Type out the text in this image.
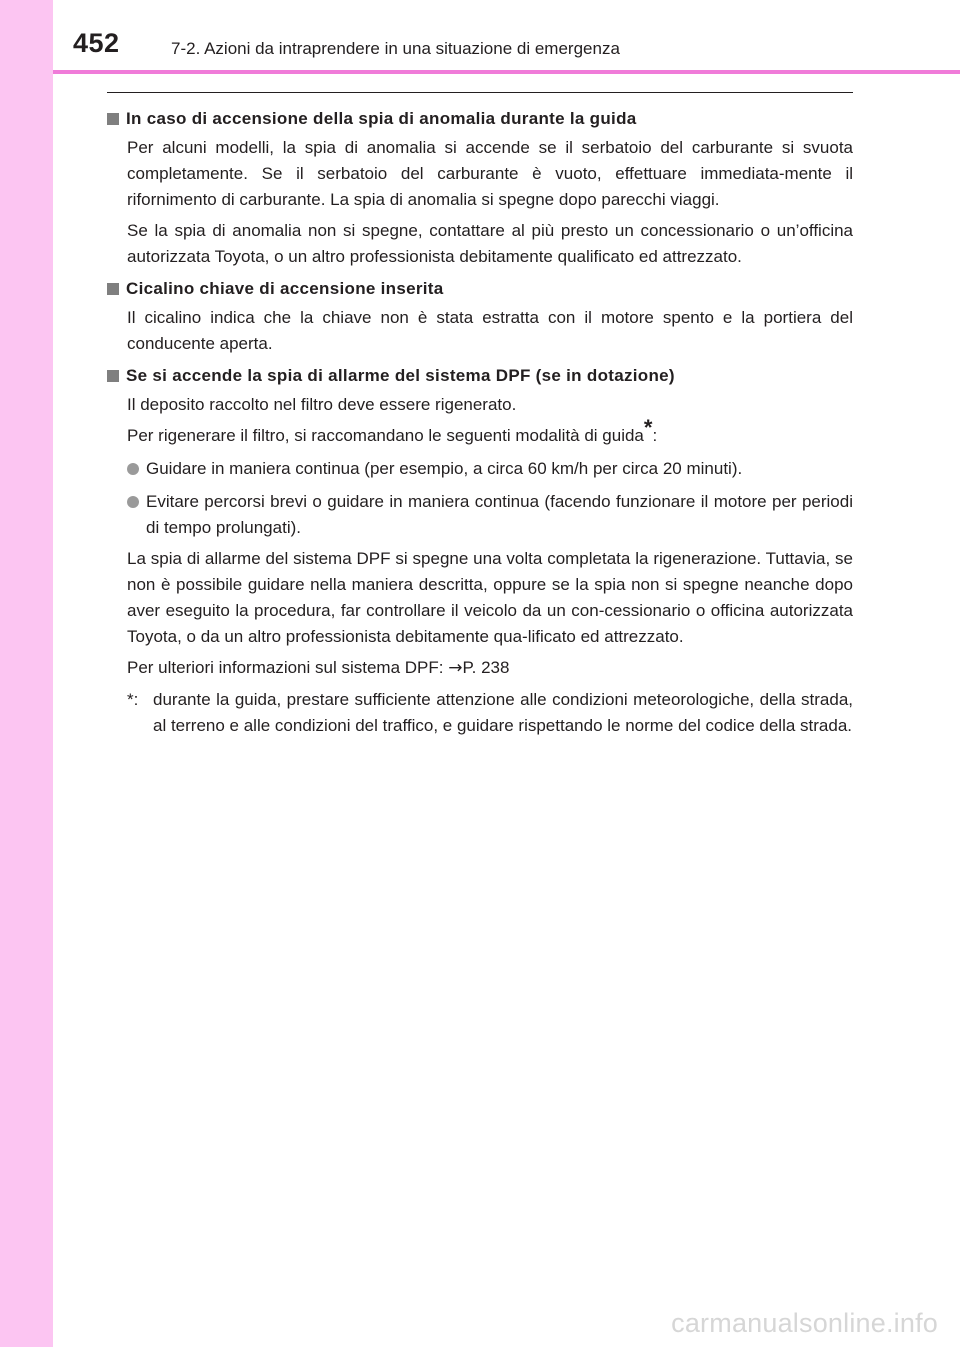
452	7-2. Azioni da intraprendere in una situazione di emergenza
In caso di accensione della spia di anomalia durante la guida

Per alcuni modelli, la spia di anomalia si accende se il serbatoio del carburante si svuota completamente. Se il serbatoio del carburante è vuoto, effettuare immediata-mente il rifornimento di carburante. La spia di anomalia si spegne dopo parecchi viaggi.

Se la spia di anomalia non si spegne, contattare al più presto un concessionario o un’officina autorizzata Toyota, o un altro professionista debitamente qualificato ed attrezzato.

Cicalino chiave di accensione inserita

Il cicalino indica che la chiave non è stata estratta con il motore spento e la portiera del conducente aperta.

Se si accende la spia di allarme del sistema DPF (se in dotazione)

Il deposito raccolto nel filtro deve essere rigenerato.

Per rigenerare il filtro, si raccomandano le seguenti modalità di guida*:

Guidare in maniera continua (per esempio, a circa 60 km/h per circa 20 minuti).
Evitare percorsi brevi o guidare in maniera continua (facendo funzionare il motore per periodi di tempo prolungati).

La spia di allarme del sistema DPF si spegne una volta completata la rigenerazione. Tuttavia, se non è possibile guidare nella maniera descritta, oppure se la spia non si spegne neanche dopo aver eseguito la procedura, far controllare il veicolo da un con-cessionario o officina autorizzata Toyota, o da un altro professionista debitamente qua-lificato ed attrezzato.

Per ulteriori informazioni sul sistema DPF: →P. 238

*: durante la guida, prestare sufficiente attenzione alle condizioni meteorologiche, della strada, al terreno e alle condizioni del traffico, e guidare rispettando le norme del codice della strada.
carmanualsonline.info
